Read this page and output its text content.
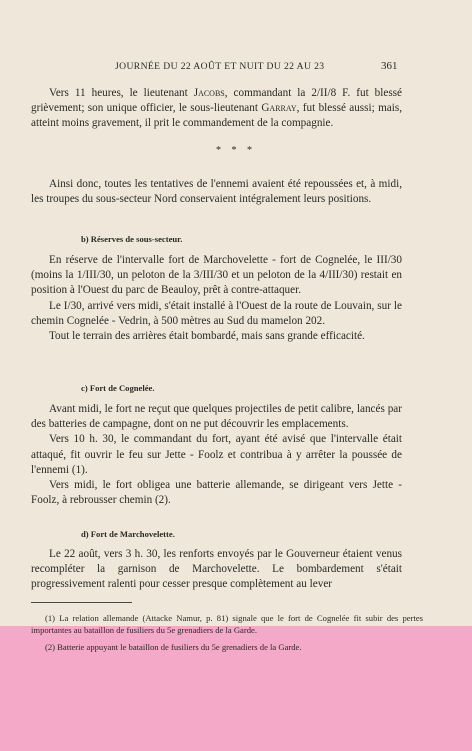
JOURNÉE DU 22 AOÛT ET NUIT DU 22 AU 23	361

Vers 11 heures, le lieutenant Jacobs, commandant la 2/II/8 F. fut blessé grièvement; son unique officier, le sous-lieutenant Garray, fut blessé aussi; mais, atteint moins gravement, il prit le commandement de la compagnie.

* * *

Ainsi donc, toutes les tentatives de l'ennemi avaient été repoussées et, à midi, les troupes du sous-secteur Nord conservaient intégralement leurs positions.

b) Réserves de sous-secteur.

En réserve de l'intervalle fort de Marchovelette - fort de Cognelée, le III/30 (moins la 1/III/30, un peloton de la 3/III/30 et un peloton de la 4/III/30) restait en position à l'Ouest du parc de Beauloy, prêt à contre-attaquer.

Le I/30, arrivé vers midi, s'était installé à l'Ouest de la route de Louvain, sur le chemin Cognelée - Vedrin, à 500 mètres au Sud du mamelon 202.

Tout le terrain des arrières était bombardé, mais sans grande efficacité.

c) Fort de Cognelée.

Avant midi, le fort ne reçut que quelques projectiles de petit calibre, lancés par des batteries de campagne, dont on ne put découvrir les emplacements.

Vers 10 h. 30, le commandant du fort, ayant été avisé que l'intervalle était attaqué, fit ouvrir le feu sur Jette - Foolz et contribua à y arrêter la poussée de l'ennemi (1).

Vers midi, le fort obligea une batterie allemande, se dirigeant vers Jette - Foolz, à rebrousser chemin (2).

d) Fort de Marchovelette.

Le 22 août, vers 3 h. 30, les renforts envoyés par le Gouverneur étaient venus recompléter la garnison de Marchovelette. Le bombardement s'était progressivement ralenti pour cesser presque complètement au lever

(1) La relation allemande (Attacke Namur, p. 81) signale que le fort de Cognelée fit subir des pertes importantes au bataillon de fusiliers du 5e grenadiers de la Garde.

(2) Batterie appuyant le bataillon de fusiliers du 5e grenadiers de la Garde.
